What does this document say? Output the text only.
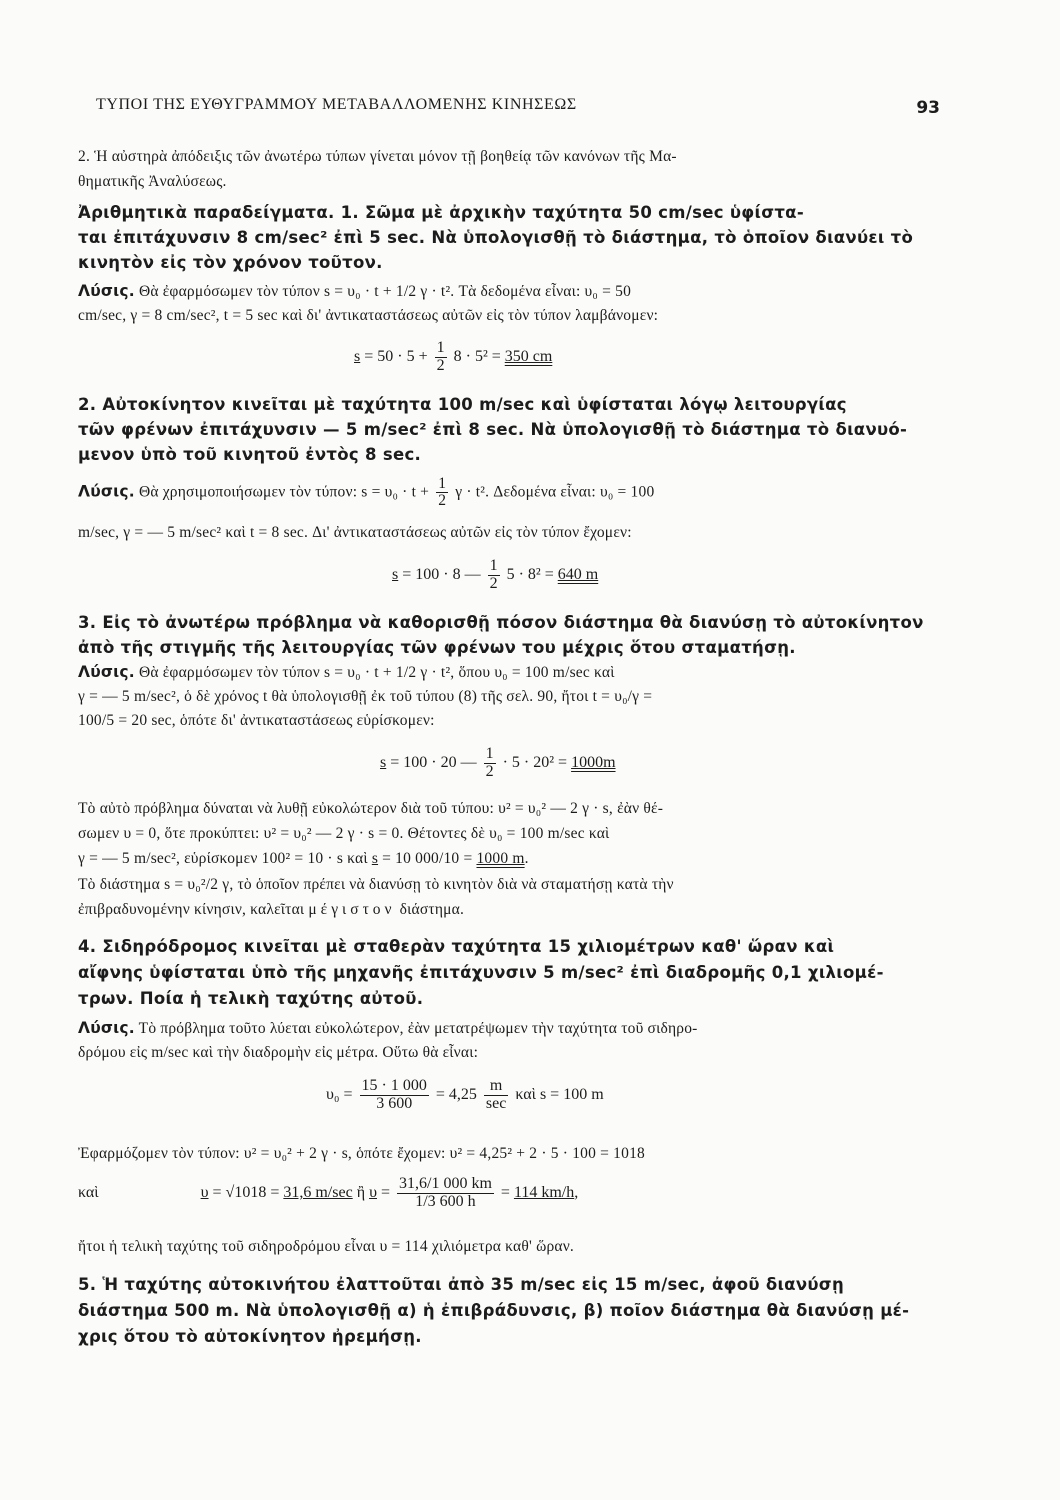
ΤΥΠΟΙ ΤΗΣ ΕΥΘΥΓΡΑΜΜΟΥ ΜΕΤΑΒΑΛΛΟΜΕΝΗΣ ΚΙΝΗΣΕΩΣ	93
2. Ἡ αὐστηρὰ ἀπόδειξις τῶν ἀνωτέρω τύπων γίνεται μόνον τῇ βοηθείᾳ τῶν κανόνων τῆς Μα-
θηματικῆς Ἀναλύσεως.
Ἀριθμητικὰ παραδείγματα. 1. Σῶμα μὲ ἀρχικὴν ταχύτητα 50 cm/sec ὑφίστα-
ται ἐπιτάχυνσιν 8 cm/sec² ἐπὶ 5 sec. Νὰ ὑπολογισθῇ τὸ διάστημα, τὸ ὁποῖον διανύει τὸ
κινητὸν εἰς τὸν χρόνον τοῦτον.
Λύσις. Θὰ ἐφαρμόσωμεν τὸν τύπον s = υ₀ · t + 1/2 γ · t². Τὰ δεδομένα εἶναι: υ₀ = 50
cm/sec, γ = 8 cm/sec², t = 5 sec καὶ δι' ἀντικαταστάσεως αὐτῶν εἰς τὸν τύπον λαμβάνομεν:
$s = 50 \cdot 5 + \frac{1}{2} 8 \cdot 5^2 = 350$ cm
2. Αὐτοκίνητον κινεῖται μὲ ταχύτητα 100 m/sec καὶ ὑφίσταται λόγῳ λειτουργίας
τῶν φρένων ἐπιτάχυνσιν — 5 m/sec² ἐπὶ 8 sec. Νὰ ὑπολογισθῇ τὸ διάστημα τὸ διανυό-
μενον ὑπὸ τοῦ κινητοῦ ἐντὸς 8 sec.
Λύσις. Θὰ χρησιμοποιήσωμεν τὸν τύπον: $s = \upsilon_0 \cdot t + \frac{1}{2}$ γ · t². Δεδομένα εἶναι: υ₀ = 100
m/sec, γ = — 5 m/sec² καὶ t = 8 sec. Δι' ἀντικαταστάσεως αὐτῶν εἰς τὸν τύπον ἔχομεν:
s = 100 · 8 — $\frac{1}{2} 5 \cdot 8^2 = 640$ m
3. Εἰς τὸ ἀνωτέρω πρόβλημα νὰ καθορισθῇ πόσον διάστημα θὰ διανύσῃ τὸ αὐτοκίνητον
ἀπὸ τῆς στιγμῆς τῆς λειτουργίας τῶν φρένων του μέχρις ὅτου σταματήσῃ.
Λύσις. Θὰ ἐφαρμόσωμεν τὸν τύπον s = υ₀ · t + 1/2 γ · t², ὅπου υ₀ = 100 m/sec καὶ
γ = — 5 m/sec², ὁ δὲ χρόνος t θὰ ὑπολογισθῇ ἐκ τοῦ τύπου (8) τῆς σελ. 90, ἤτοι t = υ₀/γ =
100/5 = 20 sec, ὁπότε δι' ἀντικαταστάσεως εὑρίσκομεν:
s = 100 · 20 — $\frac{1}{2} \cdot 5 \cdot 20^2 = 1000m$
Τὸ αὐτὸ πρόβλημα δύναται νὰ λυθῇ εὐκολώτερον διὰ τοῦ τύπου: υ² = υ₀² — 2 γ · s, ἐὰν θέ-
σωμεν υ = 0, ὅτε προκύπτει: υ² = υ₀² — 2 γ · s = 0. Θέτοντες δὲ υ₀ = 100 m/sec καὶ
γ = — 5 m/sec², εὑρίσκομεν 100² = 10 · s καὶ s = 10 000/10 = 1000 m.
Τὸ διάστημα s = υ₀²/2 γ, τὸ ὁποῖον πρέπει νὰ διανύσῃ τὸ κινητὸν διὰ νὰ σταματήσῃ κατὰ τὴν
ἐπιβραδυνομένην κίνησιν, καλεῖται μέγιστον διάστημα.
4. Σιδηρόδρομος κινεῖται μὲ σταθερὰν ταχύτητα 15 χιλιομέτρων καθ' ὥραν καὶ
αἴφνης ὑφίσταται ὑπὸ τῆς μηχανῆς ἐπιτάχυνσιν 5 m/sec² ἐπὶ διαδρομῆς 0,1 χιλιομέ-
τρων. Ποία ἡ τελικὴ ταχύτης αὐτοῦ.
Λύσις. Τὸ πρόβλημα τοῦτο λύεται εὐκολώτερον, ἐὰν μετατρέψωμεν τὴν ταχύτητα τοῦ σιδηρο-
δρόμου εἰς m/sec καὶ τὴν διαδρομὴν εἰς μέτρα. Οὕτω θὰ εἶναι:
$\upsilon_0 = \frac{15 \cdot 1 000}{3 600} = 4,25 \frac{m}{\sec}$ καὶ s = 100 m
Ἐφαρμόζομεν τὸν τύπον: υ² = υ₀² + 2 γ · s, ὁπότε ἔχομεν: υ² = 4,25² + 2 · 5 · 100 = 1018
καὶ	υ = √1018 = 31,6 m/sec ἢ $\upsilon = \frac{31,6/1 000 km}{1/3 600 h} = 114$ km/h,
ἤτοι ἡ τελικὴ ταχύτης τοῦ σιδηροδρόμου εἶναι υ = 114 χιλιόμετρα καθ' ὥραν.
5. Ἡ ταχύτης αὐτοκινήτου ἐλαττοῦται ἀπὸ 35 m/sec εἰς 15 m/sec, ἀφοῦ διανύσῃ
διάστημα 500 m. Νὰ ὑπολογισθῇ α) ἡ ἐπιβράδυνσις, β) ποῖον διάστημα θὰ διανύσῃ μέ-
χρις ὅτου τὸ αὐτοκίνητον ἠρεμήσῃ.
